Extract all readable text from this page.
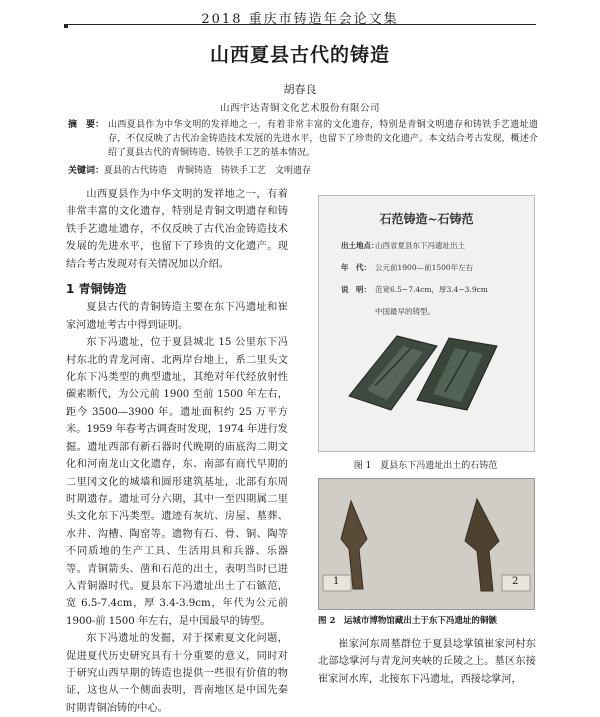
2018 重庆市铸造年会论文集
山西夏县古代的铸造
胡春良
山西宇达青铜文化艺术股份有限公司
摘　要： 山西夏县作为中华文明的发祥地之一，有着非常丰富的文化遗存，特别是青铜文明遗存和铸铁手艺遗址遗存，不仅反映了古代冶金铸造技术发展的先进水平，也留下了珍贵的文化遗产。本文结合考古发现，概述介绍了夏县古代的青铜铸造、铸铁手工艺的基本情况。
关键词：夏县的古代铸造　青铜铸造　铸铁手工艺　文明遗存

山西夏县作为中华文明的发祥地之一，有着非常丰富的文化遗存，特别是青铜文明遗存和铸铁手艺遗址遗存，不仅反映了古代冶金铸造技术发展的先进水平，也留下了珍贵的文化遗产。现结合考古发现对有关情况加以介绍。

1 青铜铸造

夏县古代的青铜铸造主要在东下冯遗址和崔家河遗址考古中得到证明。

东下冯遗址，位于夏县城北 15 公里东下冯村东北的青龙河南、北两岸台地上，系二里头文化东下冯类型的典型遗址，其绝对年代经放射性碳素断代，为公元前 1900 至前 1500 年左右，距今 3500—3900 年。遗址面积约 25 万平方米。1959 年春考古调查时发现，1974 年进行发掘。遗址西部有新石器时代晚期的庙底沟二期文化和河南龙山文化遗存，东、南部有商代早期的二里冈文化的城墙和圆形建筑基址，北部有东周时期遗存。遗址可分六期，其中一至四期属二里头文化东下冯类型。遗迹有灰坑、房屋、墓葬、水井、沟槽、陶窑等。遗物有石、骨、铜、陶等不同质地的生产工具、生活用具和兵器、乐器等。青铜箭头、凿和石范的出土，表明当时已进入青铜器时代。夏县东下冯遗址出土了石镞范，宽 6.5-7.4cm，厚 3.4-3.9cm，年代为公元前 1900-前 1500 年左右，是中国最早的铸型。

东下冯遗址的发掘，对于探索夏文化问题，促进夏代历史研究具有十分重要的意义，同时对于研究山西早期的铸造也提供一些很有价值的物证，这也从一个侧面表明，晋南地区是中国先秦时期青铜冶铸的中心。

石范铸造~石铸范
出土地点：山西省夏县东下冯遗址出土
年　代： 公元前1900—前1500年左右
说　明： 范宽6.5~7.4cm，厚3.4~3.9cm
中国最早的铸型。
图 1　夏县东下冯遗址出土的石铸范
1	2
图 2　运城市博物馆藏出土于东下冯遗址的铜镞

崔家河东周墓群位于夏县埝掌镇崔家河村东北部埝掌河与青龙河夹峡的丘陵之上。墓区东接崔家河水库，北接东下冯遗址，西接埝掌河，
